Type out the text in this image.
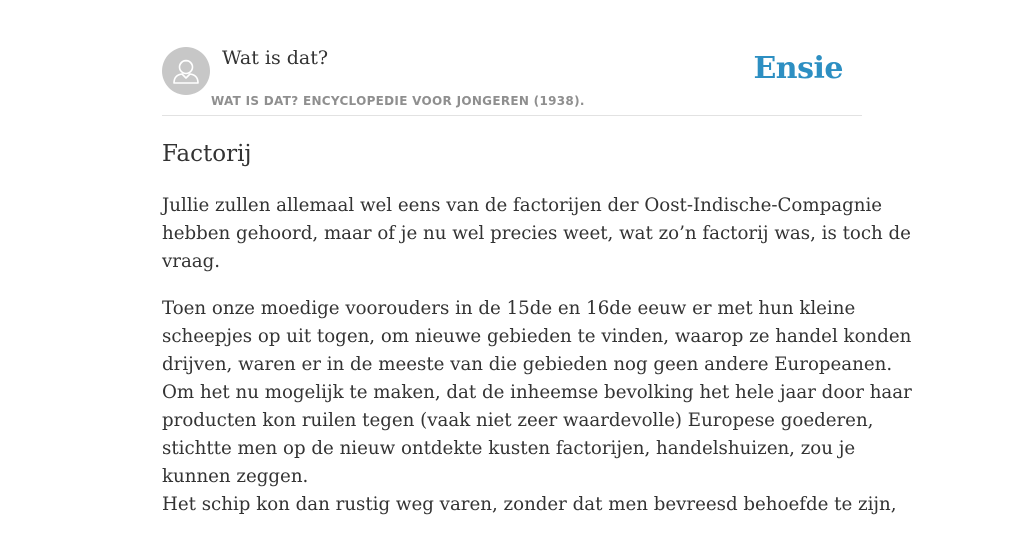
Wat is dat?
WAT IS DAT? ENCYCLOPEDIE VOOR JONGEREN (1938).
Ensie
Factorij

Jullie zullen allemaal wel eens van de factorijen der Oost-Indische-Compagnie
hebben gehoord, maar of je nu wel precies weet, wat zo’n factorij was, is toch de
vraag.

Toen onze moedige voorouders in de 15de en 16de eeuw er met hun kleine
scheepjes op uit togen, om nieuwe gebieden te vinden, waarop ze handel konden
drijven, waren er in de meeste van die gebieden nog geen andere Europeanen.
Om het nu mogelijk te maken, dat de inheemse bevolking het hele jaar door haar
producten kon ruilen tegen (vaak niet zeer waardevolle) Europese goederen,
stichtte men op de nieuw ontdekte kusten factorijen, handelshuizen, zou je
kunnen zeggen.
Het schip kon dan rustig weg varen, zonder dat men bevreesd behoefde te zijn,
